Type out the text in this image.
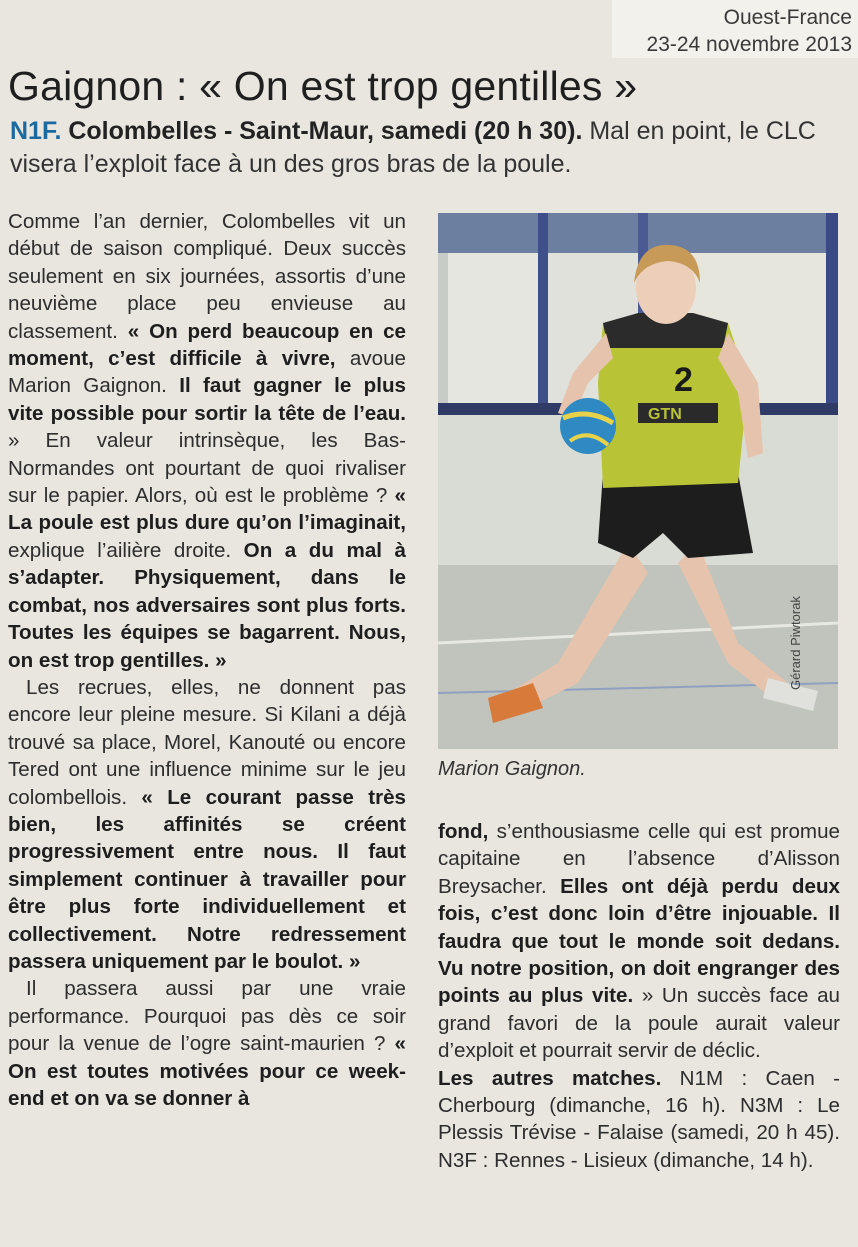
Ouest-France
23-24 novembre 2013
Gaignon : « On est trop gentilles »
N1F. Colombelles - Saint-Maur, samedi (20 h 30). Mal en point, le CLC visera l’exploit face à un des gros bras de la poule.

Comme l’an dernier, Colombelles vit un début de saison compliqué. Deux succès seulement en six journées, assortis d’une neuvième place peu envieuse au classement. « On perd beaucoup en ce moment, c’est difficile à vivre, avoue Marion Gaignon. Il faut gagner le plus vite possible pour sortir la tête de l’eau. » En valeur intrinsèque, les Bas-Normandes ont pourtant de quoi rivaliser sur le papier. Alors, où est le problème ? « La poule est plus dure qu’on l’imaginait, explique l’ailière droite. On a du mal à s’adapter. Physiquement, dans le combat, nos adversaires sont plus forts. Toutes les équipes se bagarrent. Nous, on est trop gentilles. »

Les recrues, elles, ne donnent pas encore leur pleine mesure. Si Kilani a déjà trouvé sa place, Morel, Kanouté ou encore Tered ont une influence minime sur le jeu colombellois. « Le courant passe très bien, les affinités se créent progressivement entre nous. Il faut simplement continuer à travailler pour être plus forte individuellement et collectivement. Notre redressement passera uniquement par le boulot. »

Il passera aussi par une vraie performance. Pourquoi pas dès ce soir pour la venue de l’ogre saint-maurien ? « On est toutes motivées pour ce week-end et on va se donner à

2
GTN
Gérard Piwtorak
Marion Gaignon.

fond, s’enthousiasme celle qui est promue capitaine en l’absence d’Alisson Breysacher. Elles ont déjà perdu deux fois, c’est donc loin d’être injouable. Il faudra que tout le monde soit dedans. Vu notre position, on doit engranger des points au plus vite. » Un succès face au grand favori de la poule aurait valeur d’exploit et pourrait servir de déclic.

Les autres matches. N1M : Caen - Cherbourg (dimanche, 16 h). N3M : Le Plessis Trévise - Falaise (samedi, 20 h 45). N3F : Rennes - Lisieux (dimanche, 14 h).
